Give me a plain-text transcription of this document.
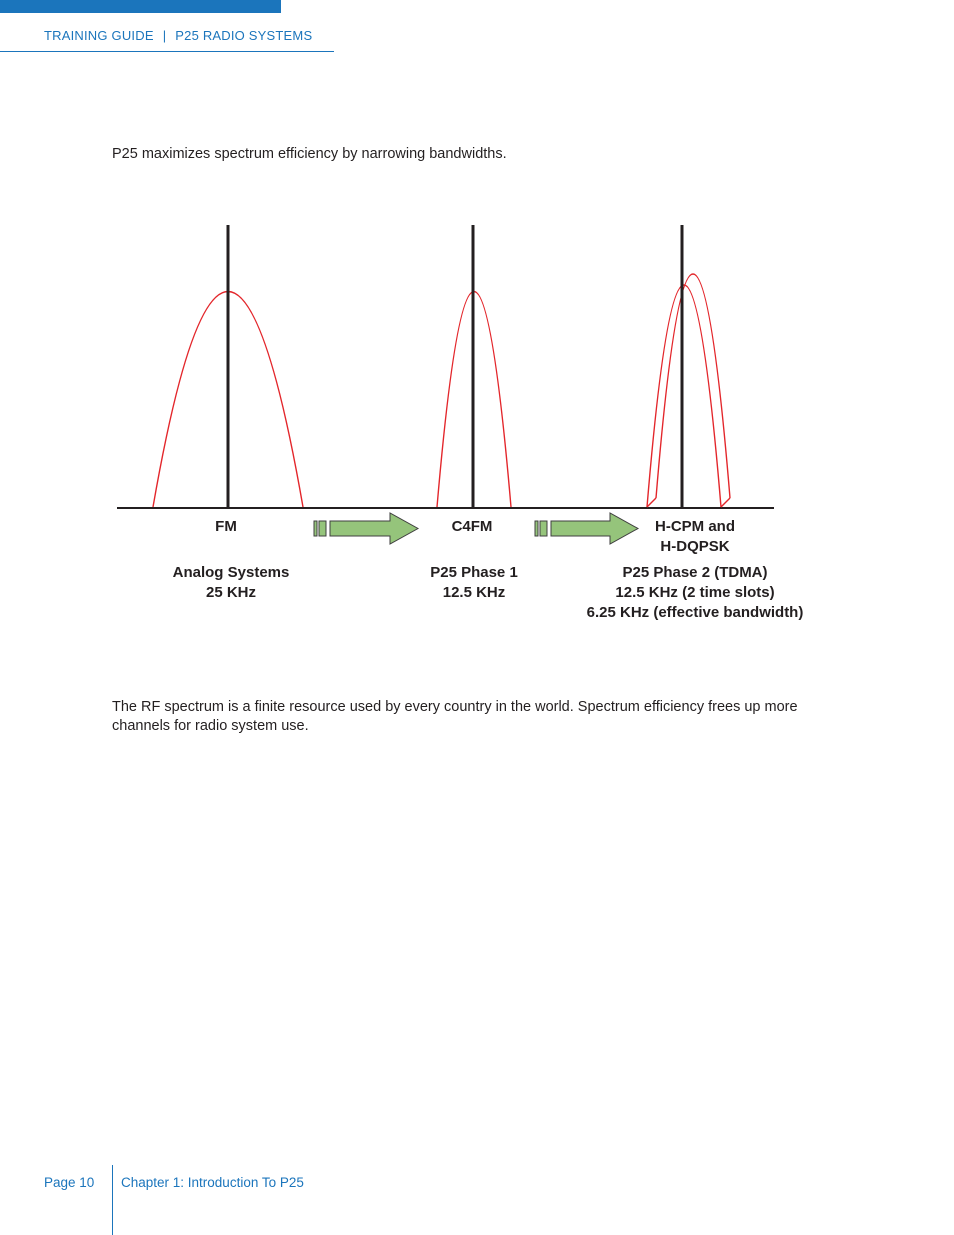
TRAINING GUIDE | P25 RADIO SYSTEMS
P25 maximizes spectrum efficiency by narrowing bandwidths.
FM	C4FM	H-CPM and
H-DQPSK
Analog Systems
25 KHz
P25 Phase 1
12.5 KHz
P25 Phase 2 (TDMA)
12.5 KHz (2 time slots)
6.25 KHz (effective bandwidth)
The RF spectrum is a finite resource used by every country in the world. Spectrum efficiency frees up more channels for radio system use.
Page 10 Chapter 1: Introduction To P25
